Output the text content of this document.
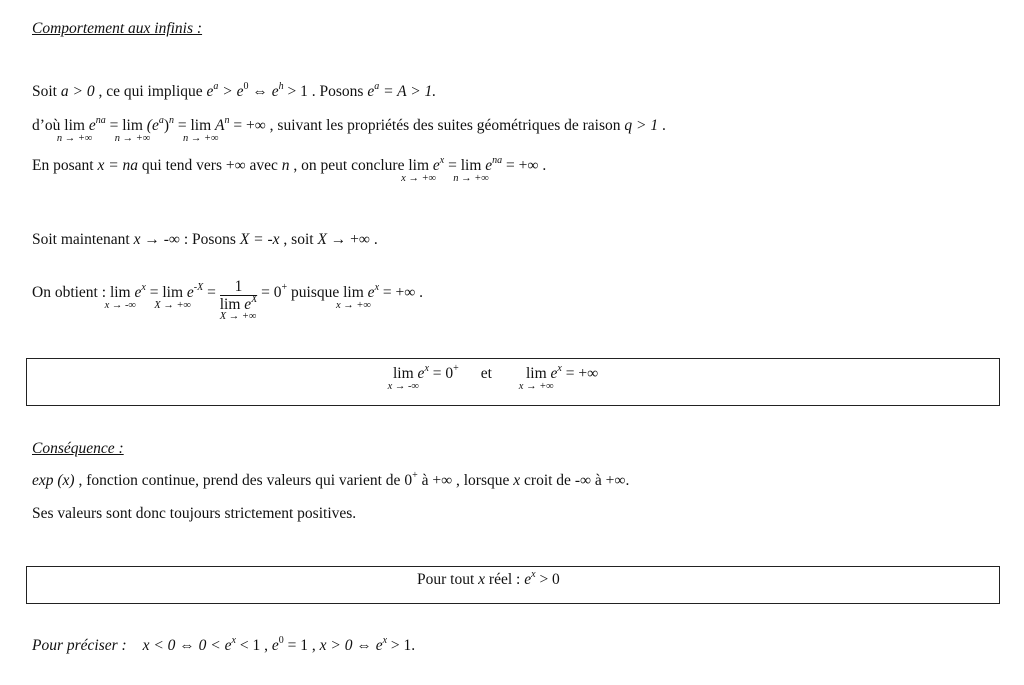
Comportement aux infinis :
Soit a > 0 , ce qui implique $e^a > e^0$ ⇔ $e^h > 1$ . Posons $e^a = A > 1$.
d’où lim
n → +∞
$e^{na} = \lim$
n → +∞
$(e^a)^n = \lim$
n → +∞
$A^n$ = +∞ , suivant les propriétés des suites géométriques de raison q > 1 .
En posant x = na qui tend vers +∞ avec n , on peut conclure lim
x → +∞
$e^x = \lim$
n → +∞
$e^{na}$ = +∞ .
Soit maintenant x → -∞ : Posons X = -x , soit X → +∞ .
On obtient : lim
x → -∞
$e^x = \lim$
X → +∞
$e^{-X} = 1$
$\lim e^X$
X → +∞ = 0+ puisque lim
x → +∞
$e^x$ = +∞ .
lim
x → -∞
$e^x = 0^+$ et lim
x → +∞
$e^x$ = +∞
Conséquence :
exp (x) , fonction continue, prend des valeurs qui varient de 0+ à +∞ , lorsque x croit de -∞ à +∞.
Ses valeurs sont donc toujours strictement positives.
Pour tout x réel : $e^x > 0$
Pour préciser : x < 0 ⇔ $0 < e^x < 1$ , $e^0 = 1$ , x > 0 ⇔ $e^x > 1$.
